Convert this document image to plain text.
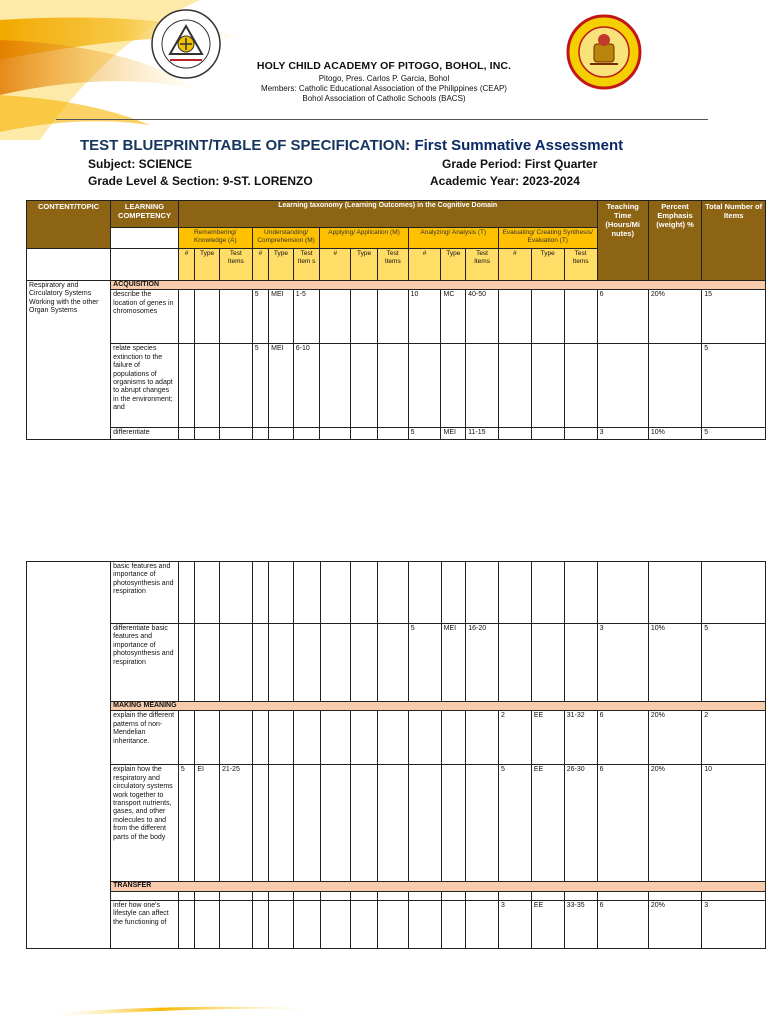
HOLY CHILD ACADEMY OF PITOGO, BOHOL, INC.
Pitogo, Pres. Carlos P. Garcia, Bohol
Members: Catholic Educational Association of the Philippines (CEAP)
Bohol Association of Catholic Schools (BACS)
TEST BLUEPRINT/TABLE OF SPECIFICATION: First Summative Assessment
Subject: SCIENCE	Grade Period: First Quarter
Grade Level & Section: 9-ST. LORENZO	Academic Year: 2023-2024
CONTENT/TOPIC	LEARNING COMPETENCY	Learning taxonomy (Learning Outcomes) in the Cognitive Domain															Teaching Time (Hours/Mi nutes)	Percent Emphasis (weight) %	Total Number of Items
		Remembering/ Knowledge (A)			Understanding/ Comprehension (M)			Applying/ Application (M)			Analyzing/ Analysis (T)			Evaluating/ Creating Synthesis/ Evaluation (T)					
		#	Type	Test Items	#	Type	Test Item s	#	Type	Test Items	#	Type	Test Items	#	Type	Test Items			
Respiratory and Circulatory Systems Working with the other Organ Systems	ACQUISITION																		
	describe the location of genes in chromosomes				5	MEI	1-5				10	MC	40-50				6	20%	15
	relate species extinction to the failure of populations of organisms to adapt to abrupt changes in the environment; and				5	MEI	6-10												5
	differentiate										5	MEI	11-15				3	10%	5
	basic features and importance of photosynthesis and respiration																		
	differentiate basic features and importance of photosynthesis and respiration										5	MEI	16-20				3	10%	5
	MAKING MEANING																		
	explain the different patterns of non-Mendelian inheritance.													2	EE	31-32	6	20%	2
	explain how the respiratory and circulatory systems work together to transport nutrients, gases, and other molecules to and from the different parts of the body	5	EI	21-25										5	EE	26-30	6	20%	10
	TRANSFER																		

	infer how one's lifestyle can affect the functioning of													3	EE	33-35	6	20%	3
